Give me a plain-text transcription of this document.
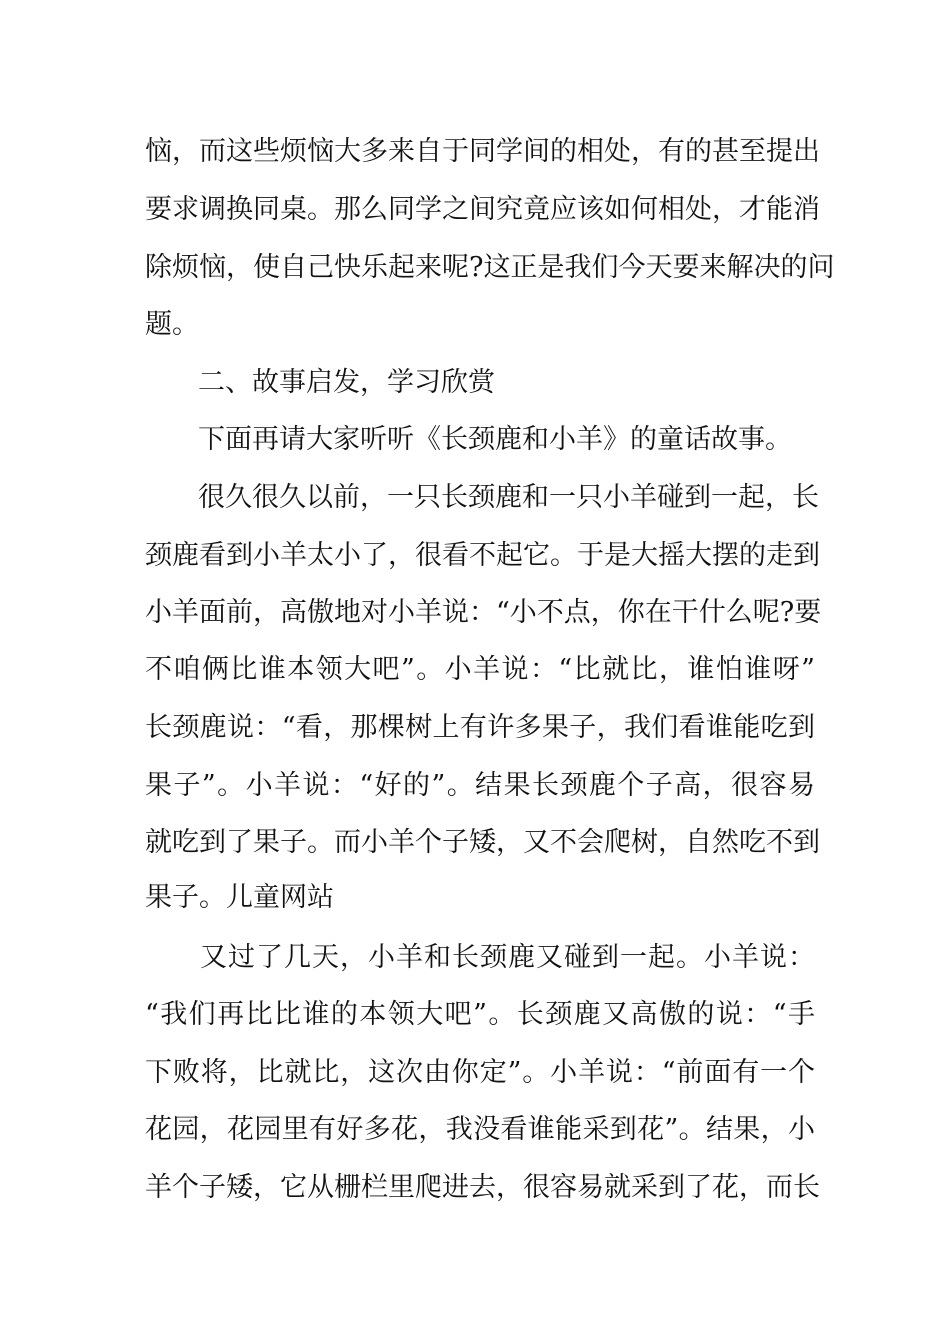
恼，而这些烦恼大多来自于同学间的相处，有的甚至提出
要求调换同桌。那么同学之间究竟应该如何相处，才能消
除烦恼，使自己快乐起来呢?这正是我们今天要来解决的问
题。
二、故事启发，学习欣赏
下面再请大家听听《长颈鹿和小羊》的童话故事。
很久很久以前，一只长颈鹿和一只小羊碰到一起，长
颈鹿看到小羊太小了，很看不起它。于是大摇大摆的走到
小羊面前，高傲地对小羊说：“小不点，你在干什么呢?要
不咱俩比谁本领大吧”。小羊说：“比就比，谁怕谁呀”
长颈鹿说：“看，那棵树上有许多果子，我们看谁能吃到
果子”。小羊说：“好的”。结果长颈鹿个子高，很容易
就吃到了果子。而小羊个子矮，又不会爬树，自然吃不到
果子。儿童网站
又过了几天，小羊和长颈鹿又碰到一起。小羊说：
“我们再比比谁的本领大吧”。长颈鹿又高傲的说：“手
下败将，比就比，这次由你定”。小羊说：“前面有一个
花园，花园里有好多花，我没看谁能采到花”。结果，小
羊个子矮，它从栅栏里爬进去，很容易就采到了花，而长
